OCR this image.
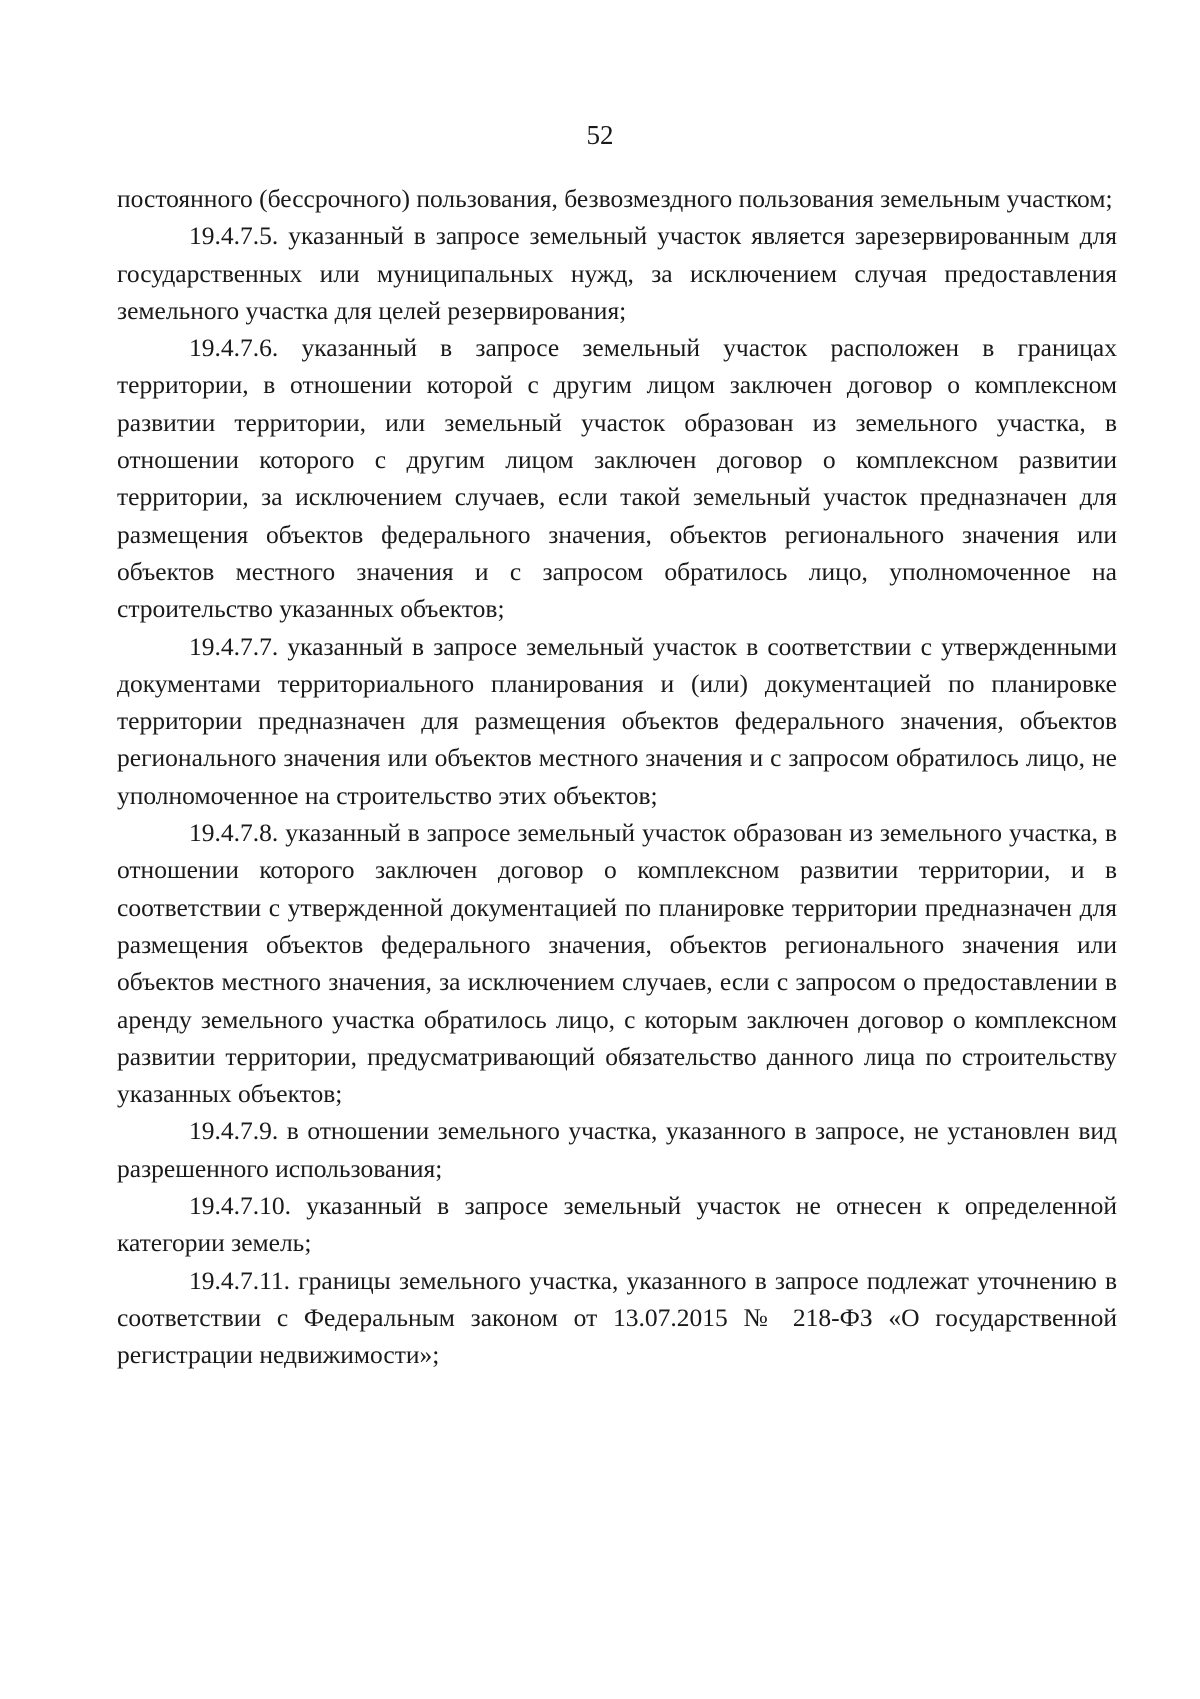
52

постоянного (бессрочного) пользования, безвозмездного пользования земельным участком;

19.4.7.5. указанный в запросе земельный участок является зарезервированным для государственных или муниципальных нужд, за исключением случая предоставления земельного участка для целей резервирования;

19.4.7.6. указанный в запросе земельный участок расположен в границах территории, в отношении которой с другим лицом заключен договор о комплексном развитии территории, или земельный участок образован из земельного участка, в отношении которого с другим лицом заключен договор о комплексном развитии территории, за исключением случаев, если такой земельный участок предназначен для размещения объектов федерального значения, объектов регионального значения или объектов местного значения и с запросом обратилось лицо, уполномоченное на строительство указанных объектов;

19.4.7.7. указанный в запросе земельный участок в соответствии с утвержденными документами территориального планирования и (или) документацией по планировке территории предназначен для размещения объектов федерального значения, объектов регионального значения или объектов местного значения и с запросом обратилось лицо, не уполномоченное на строительство этих объектов;

19.4.7.8. указанный в запросе земельный участок образован из земельного участка, в отношении которого заключен договор о комплексном развитии территории, и в соответствии с утвержденной документацией по планировке территории предназначен для размещения объектов федерального значения, объектов регионального значения или объектов местного значения, за исключением случаев, если с запросом о предоставлении в аренду земельного участка обратилось лицо, с которым заключен договор о комплексном развитии территории, предусматривающий обязательство данного лица по строительству указанных объектов;

19.4.7.9. в отношении земельного участка, указанного в запросе, не установлен вид разрешенного использования;

19.4.7.10. указанный в запросе земельный участок не отнесен к определенной категории земель;

19.4.7.11. границы земельного участка, указанного в запросе подлежат уточнению в соответствии с Федеральным законом от 13.07.2015 № 218-ФЗ «О государственной регистрации недвижимости»;
